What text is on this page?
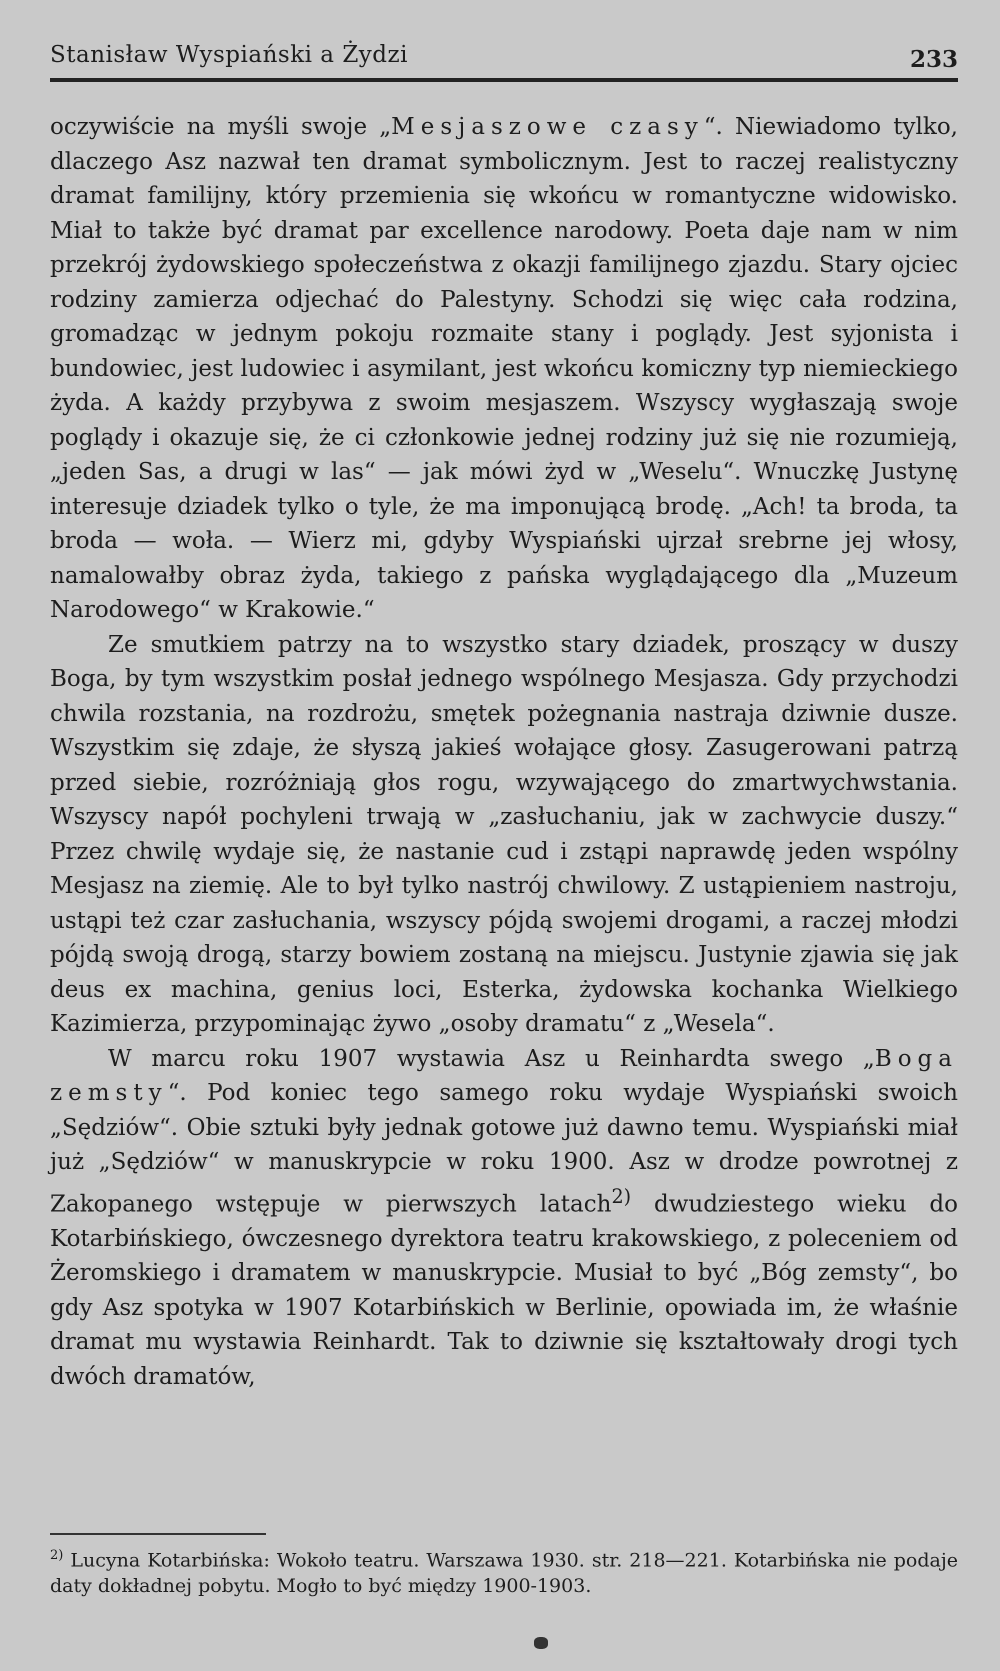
Stanisław Wyspiański a Żydzi	233

oczywiście na myśli swoje „Mesjaszowe czasy“. Niewiadomo tylko, dlaczego Asz nazwał ten dramat symbolicznym. Jest to raczej realistyczny dramat familijny, który przemienia się wkońcu w romantyczne widowisko. Miał to także być dramat par excellence narodowy. Poeta daje nam w nim przekrój żydowskiego społeczeństwa z okazji familijnego zjazdu. Stary ojciec rodziny zamierza odjechać do Palestyny. Schodzi się więc cała rodzina, gromadząc w jednym pokoju rozmaite stany i poglądy. Jest syjonista i bundowiec, jest ludowiec i asymilant, jest wkońcu komiczny typ niemieckiego żyda. A każdy przybywa z swoim mesjaszem. Wszyscy wygłaszają swoje poglądy i okazuje się, że ci członkowie jednej rodziny już się nie rozumieją, „jeden Sas, a drugi w las“ — jak mówi żyd w „Weselu“. Wnuczkę Justynę interesuje dziadek tylko o tyle, że ma imponującą brodę. „Ach! ta broda, ta broda — woła. — Wierz mi, gdyby Wyspiański ujrzał srebrne jej włosy, namalowałby obraz żyda, takiego z pańska wyglądającego dla „Muzeum Narodowego“ w Krakowie.“

Ze smutkiem patrzy na to wszystko stary dziadek, proszący w duszy Boga, by tym wszystkim posłał jednego wspólnego Mesjasza. Gdy przychodzi chwila rozstania, na rozdrożu, smętek pożegnania nastraja dziwnie dusze. Wszystkim się zdaje, że słyszą jakieś wołające głosy. Zasugerowani patrzą przed siebie, rozróżniają głos rogu, wzywającego do zmartwychwstania. Wszyscy napół pochyleni trwają w „zasłuchaniu, jak w zachwycie duszy.“ Przez chwilę wydaje się, że nastanie cud i zstąpi naprawdę jeden wspólny Mesjasz na ziemię. Ale to był tylko nastrój chwilowy. Z ustąpieniem nastroju, ustąpi też czar zasłuchania, wszyscy pójdą swojemi drogami, a raczej młodzi pójdą swoją drogą, starzy bowiem zostaną na miejscu. Justynie zjawia się jak deus ex machina, genius loci, Esterka, żydowska kochanka Wielkiego Kazimierza, przypominając żywo „osoby dramatu“ z „Wesela“.

W marcu roku 1907 wystawia Asz u Reinhardta swego „Boga zemsty“. Pod koniec tego samego roku wydaje Wyspiański swoich „Sędziów“. Obie sztuki były jednak gotowe już dawno temu. Wyspiański miał już „Sędziów“ w manuskrypcie w roku 1900. Asz w drodze powrotnej z Zakopanego wstępuje w pierwszych latach$^{2)}$ dwudziestego wieku do Kotarbińskiego, ówczesnego dyrektora teatru krakowskiego, z poleceniem od Żeromskiego i dramatem w manuskrypcie. Musiał to być „Bóg zemsty“, bo gdy Asz spotyka w 1907 Kotarbińskich w Berlinie, opowiada im, że właśnie dramat mu wystawia Reinhardt. Tak to dziwnie się kształtowały drogi tych dwóch dramatów,

$^{2)}$ Lucyna Kotarbińska: Wokoło teatru. Warszawa 1930. str. 218—221. Kotarbińska nie podaje daty dokładnej pobytu. Mogło to być między 1900-1903.
